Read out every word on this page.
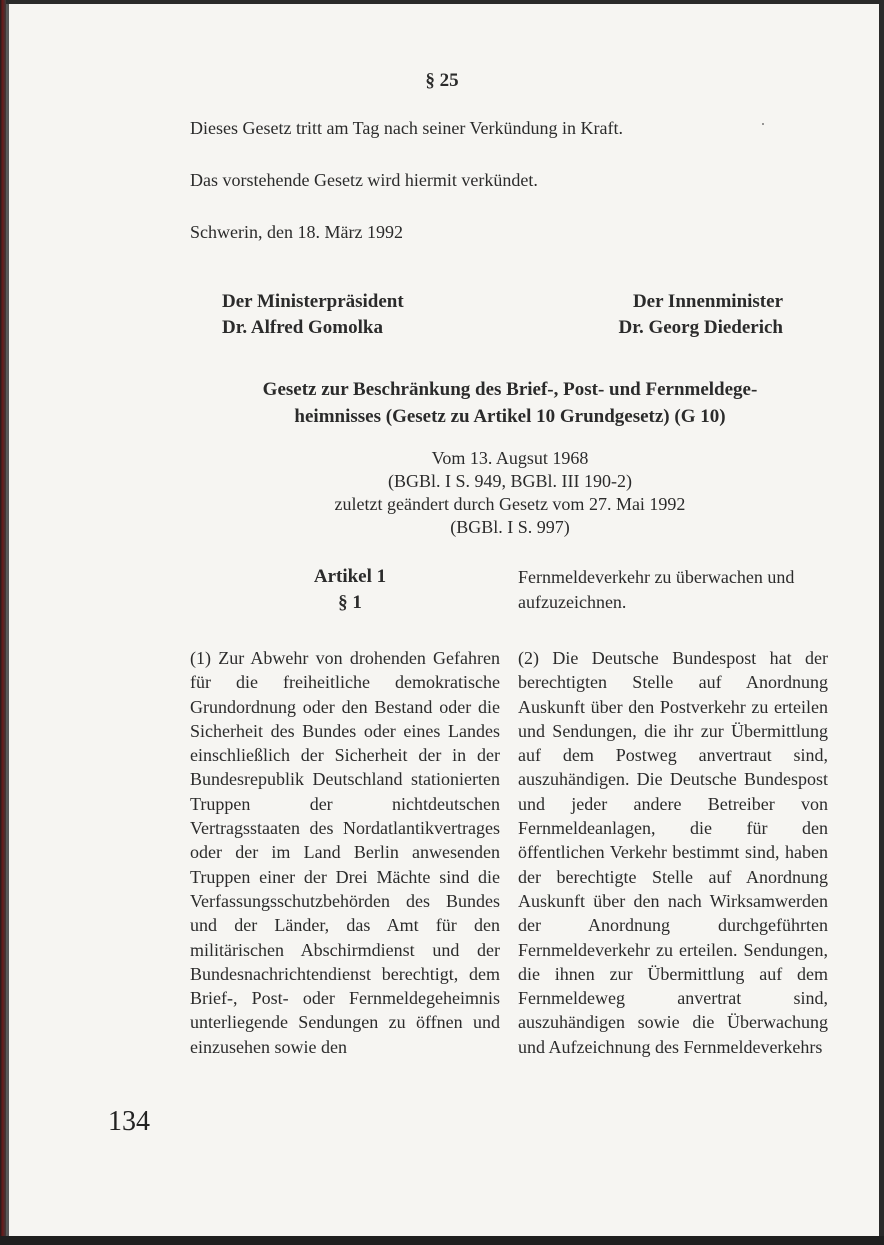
§ 25
Dieses Gesetz tritt am Tag nach seiner Verkündung in Kraft.
Das vorstehende Gesetz wird hiermit verkündet.
Schwerin, den 18. März 1992
Der Ministerpräsident
Dr. Alfred Gomolka
Der Innenminister
Dr. Georg Diederich
Gesetz zur Beschränkung des Brief-, Post- und Fernmeldege-
heimnisses (Gesetz zu Artikel 10 Grundgesetz) (G 10)
Vom 13. Augsut 1968
(BGBl. I S. 949, BGBl. III 190-2)
zuletzt geändert durch Gesetz vom 27. Mai 1992
(BGBl. I S. 997)
Artikel 1
§ 1
Fernmeldeverkehr zu überwachen und aufzuzeichnen.
(1) Zur Abwehr von drohenden Gefahren für die freiheitliche demokratische Grundordnung oder den Bestand oder die Sicherheit des Bundes oder eines Landes einschließlich der Sicherheit der in der Bundesrepublik Deutschland stationierten Truppen der nichtdeutschen Vertragsstaaten des Nordatlantikvertrages oder der im Land Berlin anwesenden Truppen einer der Drei Mächte sind die Verfassungsschutzbehörden des Bundes und der Länder, das Amt für den militärischen Abschirmdienst und der Bundesnachrichtendienst berechtigt, dem Brief-, Post- oder Fernmeldegeheimnis unterliegende Sendungen zu öffnen und einzusehen sowie den
(2) Die Deutsche Bundespost hat der berechtigten Stelle auf Anordnung Auskunft über den Postverkehr zu erteilen und Sendungen, die ihr zur Übermittlung auf dem Postweg anvertraut sind, auszuhändigen. Die Deutsche Bundespost und jeder andere Betreiber von Fernmeldeanlagen, die für den öffentlichen Verkehr bestimmt sind, haben der berechtigte Stelle auf Anordnung Auskunft über den nach Wirksamwerden der Anordnung durchgeführten Fernmeldeverkehr zu erteilen. Sendungen, die ihnen zur Übermittlung auf dem Fernmeldeweg anvertrat sind, auszuhändigen sowie die Überwachung und Aufzeichnung des Fernmeldeverkehrs
134
